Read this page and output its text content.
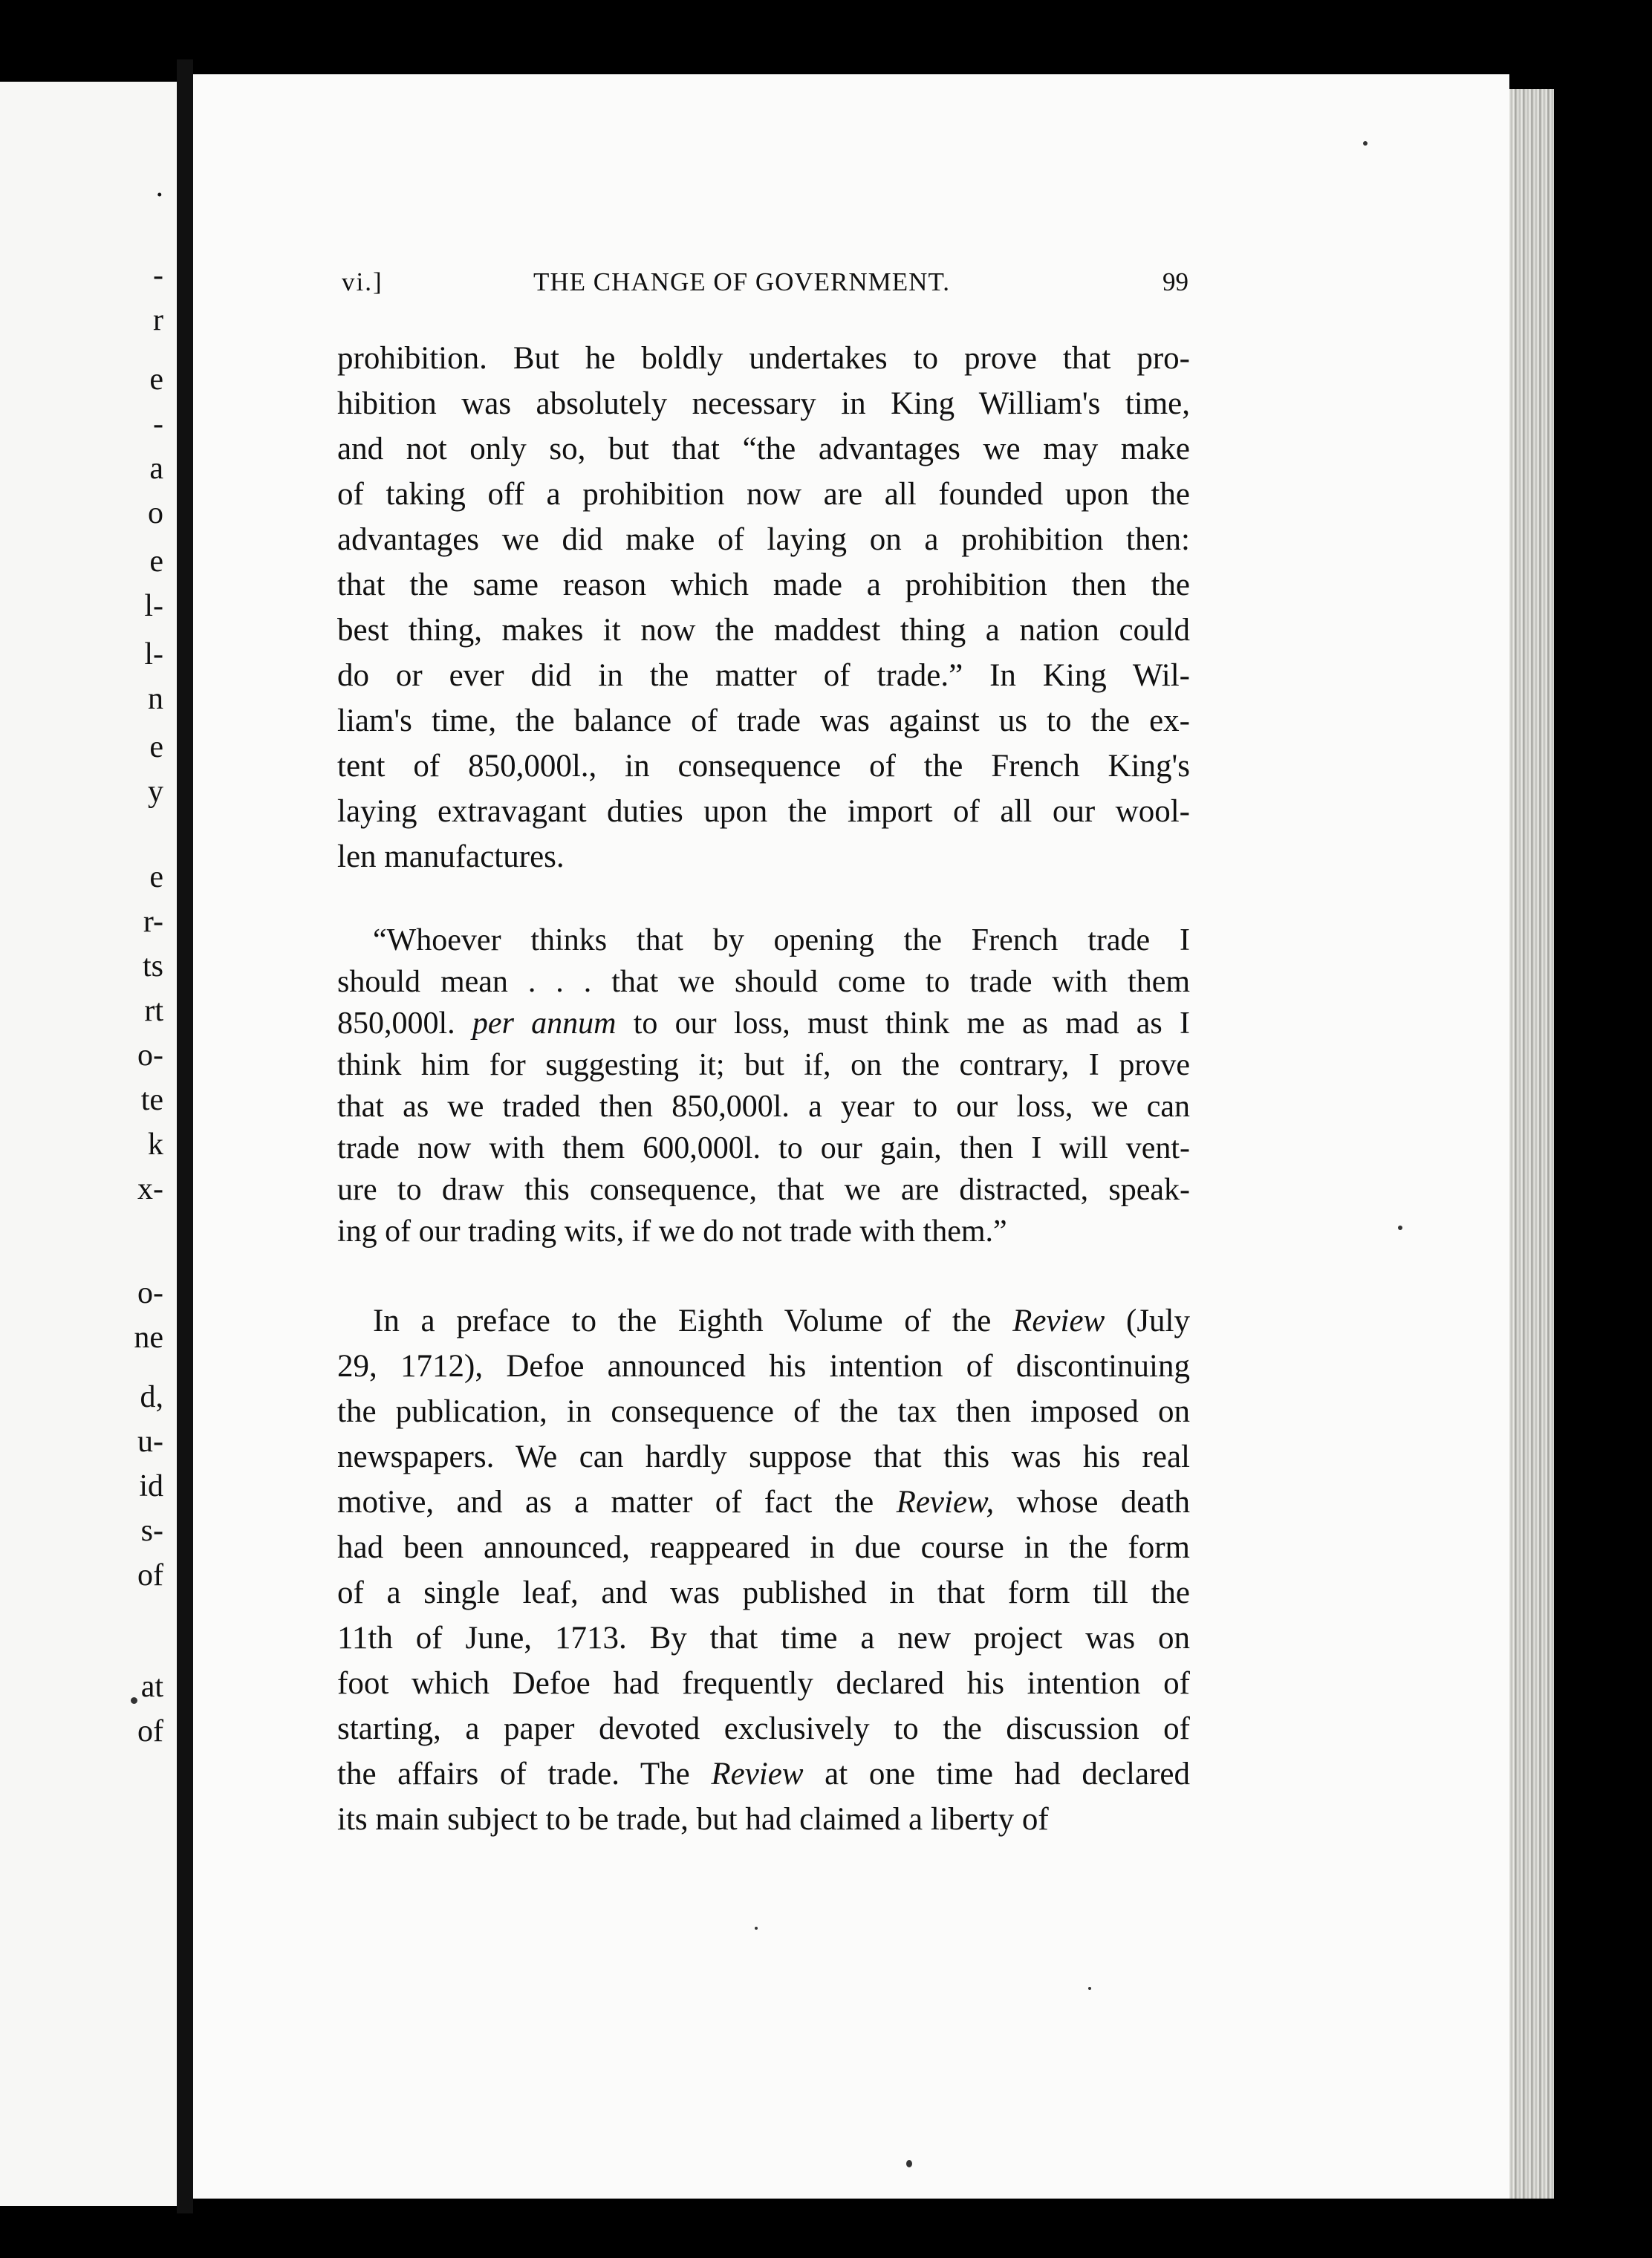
.
-
r
e
-
a
o
e
l-
l-
n
e
y
e
r-
ts
rt
o-
te
k
x-
o-
ne
d,
u-
id
s-
of
at
of
vi.]	THE CHANGE OF GOVERNMENT.	99
prohibition. But he boldly undertakes to prove that pro-
hibition was absolutely necessary in King William's time,
and not only so, but that “the advantages we may make
of taking off a prohibition now are all founded upon the
advantages we did make of laying on a prohibition then:
that the same reason which made a prohibition then the
best thing, makes it now the maddest thing a nation could
do or ever did in the matter of trade.” In King Wil-
liam's time, the balance of trade was against us to the ex-
tent of 850,000l., in consequence of the French King's
laying extravagant duties upon the import of all our wool-
len manufactures.
“Whoever thinks that by opening the French trade I
should mean . . . that we should come to trade with them
850,000l. per annum to our loss, must think me as mad as I
think him for suggesting it; but if, on the contrary, I prove
that as we traded then 850,000l. a year to our loss, we can
trade now with them 600,000l. to our gain, then I will vent-
ure to draw this consequence, that we are distracted, speak-
ing of our trading wits, if we do not trade with them.”
In a preface to the Eighth Volume of the Review (July
29, 1712), Defoe announced his intention of discontinuing
the publication, in consequence of the tax then imposed on
newspapers. We can hardly suppose that this was his real
motive, and as a matter of fact the Review, whose death
had been announced, reappeared in due course in the form
of a single leaf, and was published in that form till the
11th of June, 1713. By that time a new project was on
foot which Defoe had frequently declared his intention of
starting, a paper devoted exclusively to the discussion of
the affairs of trade. The Review at one time had declared
its main subject to be trade, but had claimed a liberty of
